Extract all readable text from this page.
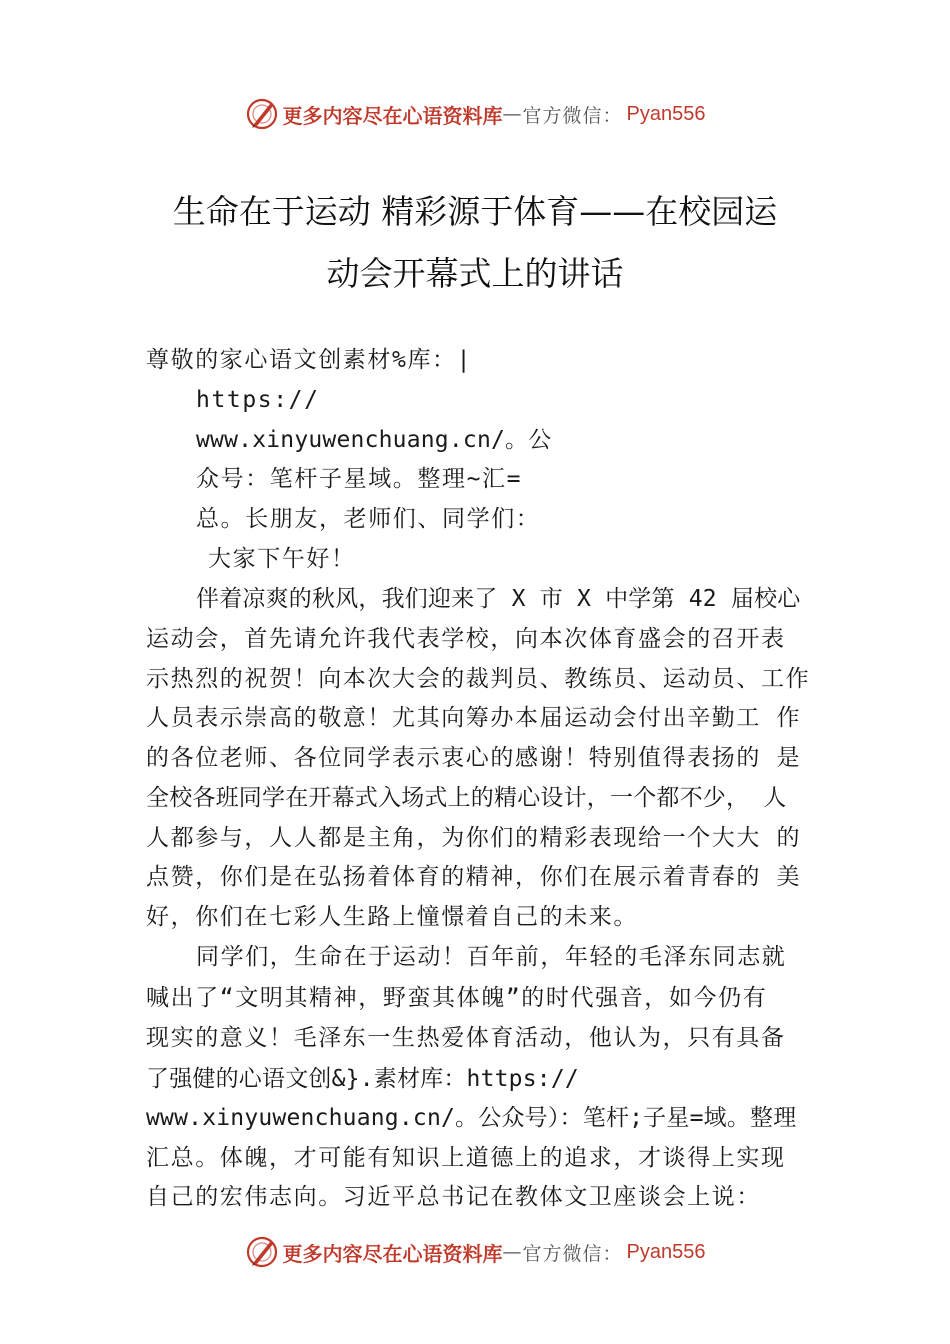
更多内容尽在心语资料库 — 官方微信： Pyan556
生命在于运动 精彩源于体育——在校园运
动会开幕式上的讲话
尊敬的家心语文创素材%库：|
https://
www.xinyuwenchuang.cn/。公
众号：笔杆子星域。整理~汇=
总。长朋友，老师们、同学们：
大家下午好！
伴着凉爽的秋风，我们迎来了 X 市 X 中学第 42 届校心
运动会，首先请允许我代表学校，向本次体育盛会的召开表
示热烈的祝贺！向本次大会的裁判员、教练员、运动员、工作
人员表示崇高的敬意！尤其向筹办本届运动会付出辛勤工 作
的各位老师、各位同学表示衷心的感谢！特别值得表扬的 是
全校各班同学在开幕式入场式上的精心设计，一个都不少， 人
人都参与，人人都是主角，为你们的精彩表现给一个大大 的
点赞，你们是在弘扬着体育的精神，你们在展示着青春的 美
好，你们在七彩人生路上憧憬着自己的未来。
同学们，生命在于运动！百年前，年轻的毛泽东同志就
喊出了“文明其精神，野蛮其体魄”的时代强音，如今仍有
现实的意义！毛泽东一生热爱体育活动，他认为，只有具备
了强健的心语文创&}.素材库：https://
www.xinyuwenchuang.cn/。公众号）：笔杆;子星=域。整理
汇总。体魄，才可能有知识上道德上的追求，才谈得上实现
自己的宏伟志向。习近平总书记在教体文卫座谈会上说：
更多内容尽在心语资料库 — 官方微信： Pyan556
